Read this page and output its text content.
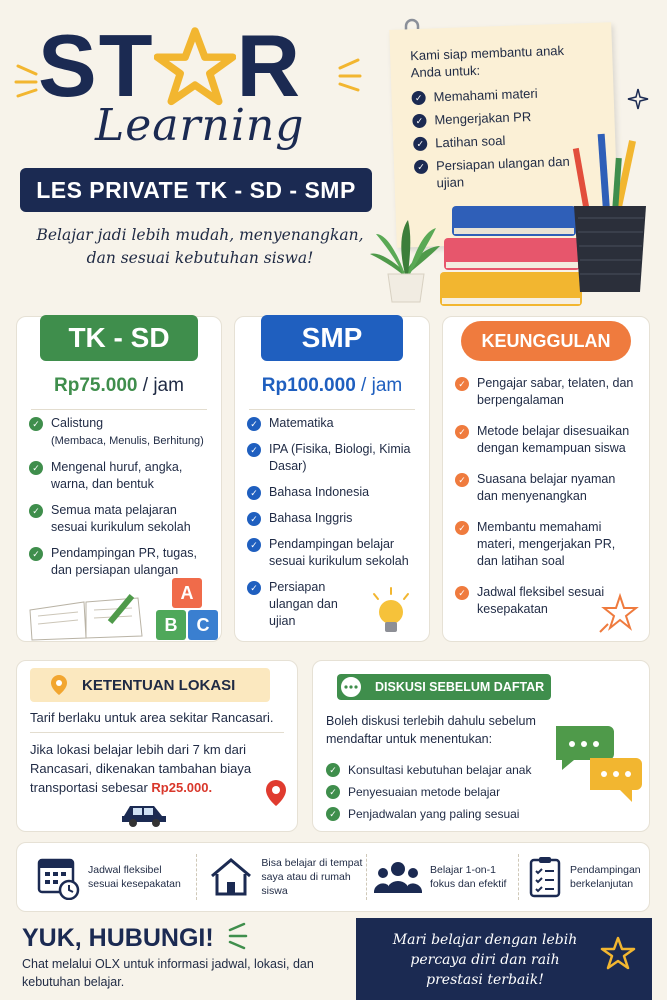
ST R
Learning
LES PRIVATE TK - SD - SMP
Belajar jadi lebih mudah, menyenangkan, dan sesuai kebutuhan siswa!
Kami siap membantu anak Anda untuk:
✓ Memahami materi
✓ Mengerjakan PR
✓ Latihan soal
✓ Persiapan ulangan dan ujian
TK - SD
Rp75.000 / jam
✓ Calistung
(Membaca, Menulis, Berhitung)
✓ Mengenal huruf, angka, warna, dan bentuk
✓ Semua mata pelajaran sesuai kurikulum sekolah
✓ Pendampingan PR, tugas, dan persiapan ulangan
A
B	C
SMP
Rp100.000 / jam
✓ Matematika
✓ IPA (Fisika, Biologi, Kimia Dasar)
✓ Bahasa Indonesia
✓ Bahasa Inggris
✓ Pendampingan belajar sesuai kurikulum sekolah
✓ Persiapan ulangan dan ujian
KEUNGGULAN
✓ Pengajar sabar, telaten, dan berpengalaman
✓ Metode belajar disesuaikan dengan kemampuan siswa
✓ Suasana belajar nyaman dan menyenangkan
✓ Membantu memahami materi, mengerjakan PR, dan latihan soal
✓ Jadwal fleksibel sesuai kesepakatan
KETENTUAN LOKASI
Tarif berlaku untuk area sekitar Rancasari.
Jika lokasi belajar lebih dari 7 km dari Rancasari, dikenakan tambahan biaya transportasi sebesar Rp25.000.
DISKUSI SEBELUM DAFTAR
Boleh diskusi terlebih dahulu sebelum mendaftar untuk menentukan:
✓ Konsultasi kebutuhan belajar anak
✓ Penyesuaian metode belajar
✓ Penjadwalan yang paling sesuai
Jadwal fleksibel sesuai kesepakatan
Bisa belajar di tempat saya atau di rumah siswa
Belajar 1-on-1 fokus dan efektif
Pendampingan berkelanjutan
YUK, HUBUNGI!
Chat melalui OLX untuk informasi jadwal, lokasi, dan kebutuhan belajar.
Mari belajar dengan lebih percaya diri dan raih prestasi terbaik!
